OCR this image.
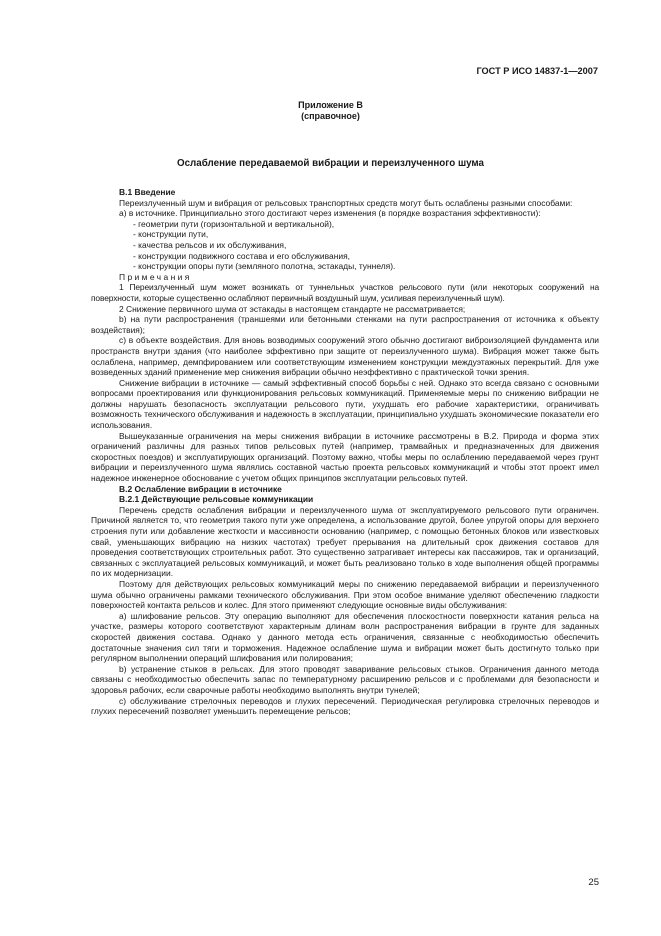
ГОСТ Р ИСО 14837-1—2007
Приложение В
(справочное)
Ослабление передаваемой вибрации и переизлученного шума

В.1 Введение

Переизлученный шум и вибрация от рельсовых транспортных средств могут быть ослаблены разными способами:

а) в источнике. Принципиально этого достигают через изменения (в порядке возрастания эффективности):

- геометрии пути (горизонтальной и вертикальной),

- конструкции пути,

- качества рельсов и их обслуживания,

- конструкции подвижного состава и его обслуживания,

- конструкции опоры пути (земляного полотна, эстакады, туннеля).

Примечания

1 Переизлученный шум может возникать от туннельных участков рельсового пути (или некоторых сооружений на поверхности, которые существенно ослабляют первичный воздушный шум, усиливая переизлученный шум).

2 Снижение первичного шума от эстакады в настоящем стандарте не рассматривается;

b) на пути распространения (траншеями или бетонными стенками на пути распространения от источника к объекту воздействия);

с) в объекте воздействия. Для вновь возводимых сооружений этого обычно достигают виброизоляцией фундамента или пространств внутри здания (что наиболее эффективно при защите от переизлученного шума). Вибрация может также быть ослаблена, например, демпфированием или соответствующим изменением конструкции междуэтажных перекрытий. Для уже возведенных зданий применение мер снижения вибрации обычно неэффективно с практической точки зрения.

Снижение вибрации в источнике — самый эффективный способ борьбы с ней. Однако это всегда связано с основными вопросами проектирования или функционирования рельсовых коммуникаций. Применяемые меры по снижению вибрации не должны нарушать безопасность эксплуатации рельсового пути, ухудшать его рабочие характеристики, ограничивать возможность технического обслуживания и надежность в эксплуатации, принципиально ухудшать экономические показатели его использования.

Вышеуказанные ограничения на меры снижения вибрации в источнике рассмотрены в В.2. Природа и форма этих ограничений различны для разных типов рельсовых путей (например, трамвайных и предназначенных для движения скоростных поездов) и эксплуатирующих организаций. Поэтому важно, чтобы меры по ослаблению передаваемой через грунт вибрации и переизлученного шума являлись составной частью проекта рельсовых коммуникаций и чтобы этот проект имел надежное инженерное обоснование с учетом общих принципов эксплуатации рельсовых путей.

В.2 Ослабление вибрации в источнике

В.2.1 Действующие рельсовые коммуникации

Перечень средств ослабления вибрации и переизлученного шума от эксплуатируемого рельсового пути ограничен. Причиной является то, что геометрия такого пути уже определена, а использование другой, более упругой опоры для верхнего строения пути или добавление жесткости и массивности основанию (например, с помощью бетонных блоков или известковых свай, уменьшающих вибрацию на низких частотах) требует прерывания на длительный срок движения составов для проведения соответствующих строительных работ. Это существенно затрагивает интересы как пассажиров, так и организаций, связанных с эксплуатацией рельсовых коммуникаций, и может быть реализовано только в ходе выполнения общей программы по их модернизации.

Поэтому для действующих рельсовых коммуникаций меры по снижению передаваемой вибрации и переизлученного шума обычно ограничены рамками технического обслуживания. При этом особое внимание уделяют обеспечению гладкости поверхностей контакта рельсов и колес. Для этого применяют следующие основные виды обслуживания:

а) шлифование рельсов. Эту операцию выполняют для обеспечения плоскостности поверхности катания рельса на участке, размеры которого соответствуют характерным длинам волн распространения вибрации в грунте для заданных скоростей движения состава. Однако у данного метода есть ограничения, связанные с необходимостью обеспечить достаточные значения сил тяги и торможения. Надежное ослабление шума и вибрации может быть достигнуто только при регулярном выполнении операций шлифования или полирования;

b) устранение стыков в рельсах. Для этого проводят заваривание рельсовых стыков. Ограничения данного метода связаны с необходимостью обеспечить запас по температурному расширению рельсов и с проблемами для безопасности и здоровья рабочих, если сварочные работы необходимо выполнять внутри тунелей;

с) обслуживание стрелочных переводов и глухих пересечений. Периодическая регулировка стрелочных переводов и глухих пересечений позволяет уменьшить перемещение рельсов;

25
